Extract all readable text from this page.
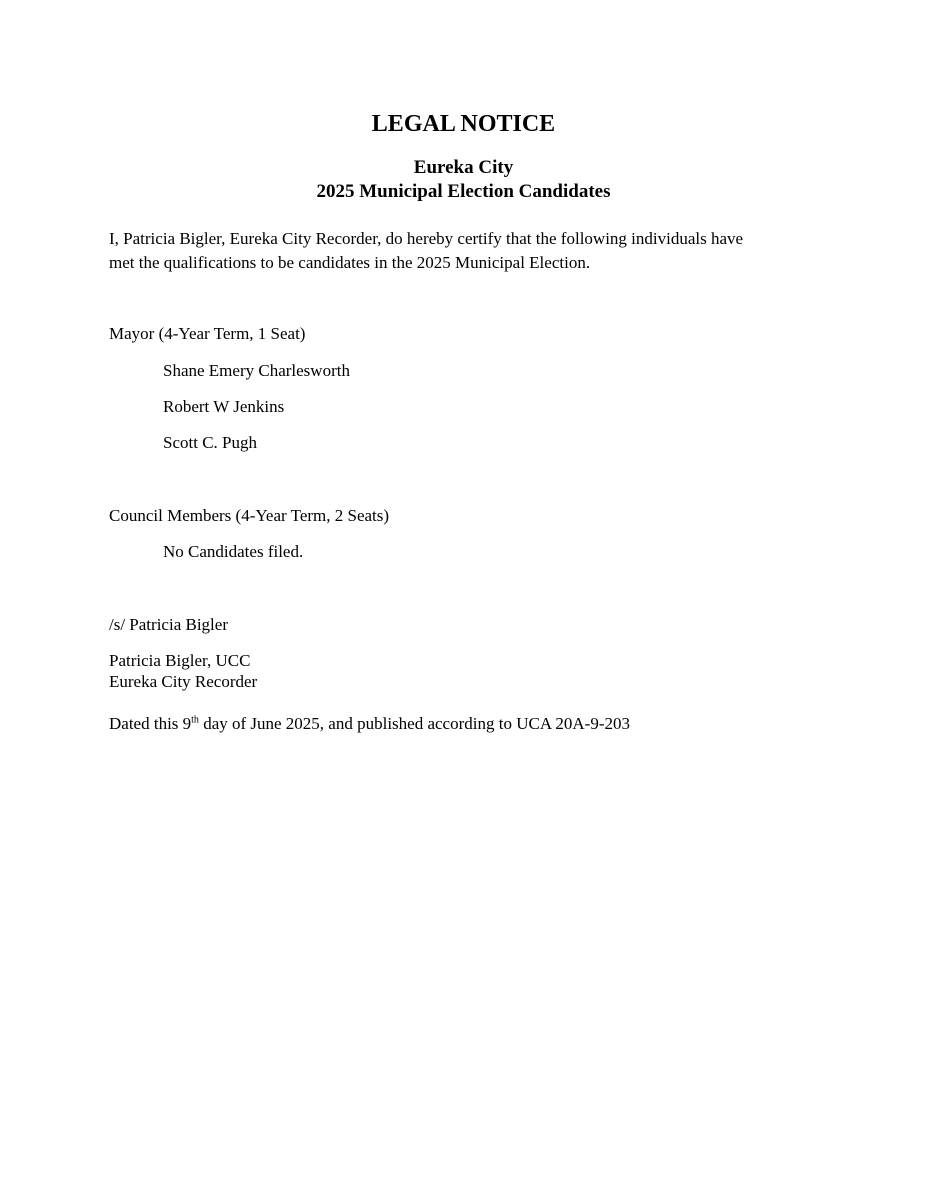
LEGAL NOTICE
Eureka City
2025 Municipal Election Candidates
I, Patricia Bigler, Eureka City Recorder, do hereby certify that the following individuals have
met the qualifications to be candidates in the 2025 Municipal Election.
Mayor (4-Year Term, 1 Seat)
Shane Emery Charlesworth
Robert W Jenkins
Scott C. Pugh
Council Members (4-Year Term, 2 Seats)
No Candidates filed.
/s/ Patricia Bigler
Patricia Bigler, UCC
Eureka City Recorder
Dated this 9th day of June 2025, and published according to UCA 20A-9-203
